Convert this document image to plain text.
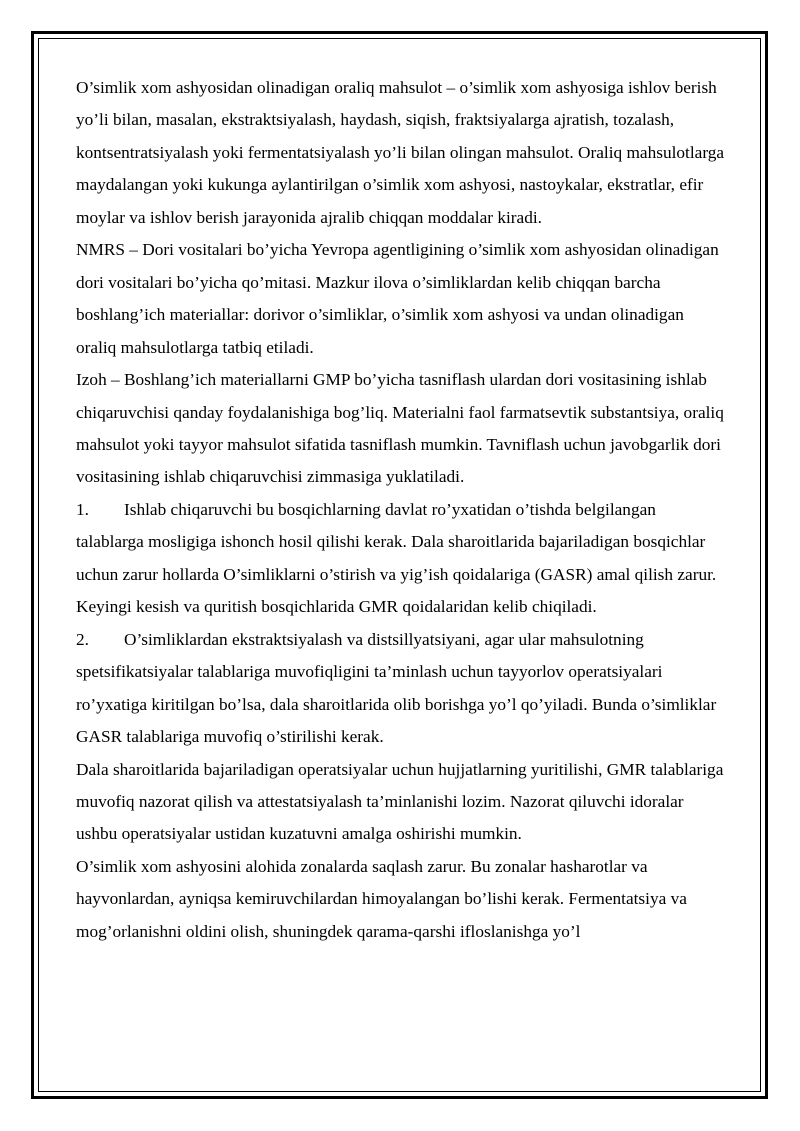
O’simlik xom ashyosidan olinadigan oraliq mahsulot – o’simlik xom ashyosiga ishlov berish yo’li bilan, masalan, ekstraktsiyalash, haydash, siqish, fraktsiyalarga ajratish, tozalash, kontsentratsiyalash yoki fermentatsiyalash yo’li bilan olingan mahsulot. Oraliq mahsulotlarga maydalangan yoki kukunga aylantirilgan o’simlik xom ashyosi, nastoykalar, ekstratlar, efir moylar va ishlov berish jarayonida ajralib chiqqan moddalar kiradi.

NMRS – Dori vositalari bo’yicha Yevropa agentligining o’simlik xom ashyosidan olinadigan dori vositalari bo’yicha qo’mitasi. Mazkur ilova o’simliklardan kelib chiqqan barcha boshlang’ich materiallar: dorivor o’simliklar, o’simlik xom ashyosi va undan olinadigan oraliq mahsulotlarga tatbiq etiladi.

Izoh – Boshlang’ich materiallarni GMP bo’yicha tasniflash ulardan dori vositasining ishlab chiqaruvchisi qanday foydalanishiga bog’liq. Materialni faol farmatsevtik substantsiya, oraliq mahsulot yoki tayyor mahsulot sifatida tasniflash mumkin. Tavniflash uchun javobgarlik dori vositasining ishlab chiqaruvchisi zimmasiga yuklatiladi.

1. Ishlab chiqaruvchi bu bosqichlarning davlat ro’yxatidan o’tishda belgilangan talablarga mosligiga ishonch hosil qilishi kerak. Dala sharoitlarida bajariladigan bosqichlar uchun zarur hollarda O’simliklarni o’stirish va yig’ish qoidalariga (GASR) amal qilish zarur. Keyingi kesish va quritish bosqichlarida GMR qoidalaridan kelib chiqiladi.

2. O’simliklardan ekstraktsiyalash va distsillyatsiyani, agar ular mahsulotning spetsifikatsiyalar talablariga muvofiqligini ta’minlash uchun tayyorlov operatsiyalari ro’yxatiga kiritilgan bo’lsa, dala sharoitlarida olib borishga yo’l qo’yiladi. Bunda o’simliklar GASR talablariga muvofiq o’stirilishi kerak.

Dala sharoitlarida bajariladigan operatsiyalar uchun hujjatlarning yuritilishi, GMR talablariga muvofiq nazorat qilish va attestatsiyalash ta’minlanishi lozim. Nazorat qiluvchi idoralar ushbu operatsiyalar ustidan kuzatuvni amalga oshirishi mumkin.

O’simlik xom ashyosini alohida zonalarda saqlash zarur. Bu zonalar hasharotlar va hayvonlardan, ayniqsa kemiruvchilardan himoyalangan bo’lishi kerak. Fermentatsiya va mog’orlanishni oldini olish, shuningdek qarama-qarshi ifloslanishga yo’l
